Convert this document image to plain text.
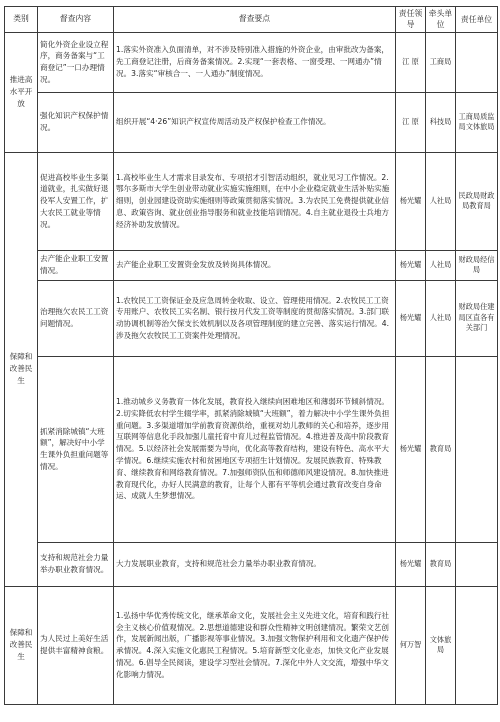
类别	督查内容	督查要点	责任领导	牵头单位	责任单位
推进高水平开放	简化外资企业设立程序，商务备案与“工商登记”一口办理情况。	1.落实外资准入负面清单，对不涉及特别准入措施的外资企业，由审批改为备案，先工商登记注册，后商务备案情况。2.实现“一套表格、一窗受理、一网通办”情况。3.落实“审核合一、一人通办”制度情况。	江 原	工商局	
	强化知识产权保护情况。	组织开展“4·26”知识产权宣传周活动及产权保护检查工作情况。	江 原	科技局	工商局质监局文体旅局
保障和改善民生	促进高校毕业生多渠道就业，扎实做好退役军人安置工作，扩大农民工就业等情况。	1.高校毕业生人才需求目录发布、专项招才引智活动组织，就业见习工作情况。2.鄂尔多斯市大学生创业带动就业实施实施细则，在中小企业稳定就业生活补贴实施细则，创业园建设资助实施细则等政策贯彻落实情况。3.为农民工免费提供就业信息、政策咨询、就业创业指导服务和就业技能培训情况。4.自主就业退役士兵地方经济补助发放情况。	杨光耀	人社局	民政局财政局教育局
	去产能企业职工安置情况。	去产能企业职工安置资金发放及转岗具体情况。	杨光耀	人社局	财政局经信局
	治理拖欠农民工工资问题情况。	1.农牧民工工资保证金及应急周转金收取、设立、管理使用情况。2.农牧民工工资专用账户、农牧民工实名制、银行按月代发工资等制度的贯彻落实情况。3.部门联动协调机制等治欠保支长效机制以及各项管理制度的建立完善、落实运行情况。4.涉及拖欠农牧民工工资案件处理情况。	杨光耀	人社局	财政局住建局区直各有关部门
	抓紧消除城镇“大班额”，解决好中小学生课外负担重问题等情况。	1.推动城乡义务教育一体化发展，教育投入继续向困难地区和薄弱环节倾斜情况。2.切实降低农村学生辍学率，抓紧消除城镇“大班额”，着力解决中小学生课外负担重问题。3.多渠道增加学前教育资源供给，重视对幼儿教师的关心和培养，逐步用互联网等信息化手段加强儿童托育中育儿过程监管情况。4.推进普及高中阶段教育情况。5.以经济社会发展需要为导向，优化高等教育结构，建设有特色、高水平大学情况。6.继续实施农村和贫困地区专项招生计划情况。发展民族教育、特殊教育、继续教育和网络教育情况。7.加强师资队伍和师德师风建设情况。8.加快推进教育现代化，办好人民满意的教育，让每个人都有平等机会通过教育改变自身命运、成就人生梦想情况。	杨光耀	教育局	
	支持和规范社会力量举办职业教育情况。	大力发展职业教育，支持和规范社会力量举办职业教育情况。	杨光耀	教育局	
保障和改善民生	为人民过上美好生活提供丰富精神食粮。	1.弘扬中华优秀传统文化，继承革命文化，发展社会主义先进文化，培育和践行社会主义核心价值观情况。2.思想道德建设和群众性精神文明创建情况。繁荣文艺创作，发展新闻出版，广播影视等事业情况。3.加强文物保护利用和文化遗产保护传承情况。4.深入实施文化惠民工程情况。5.培育新型文化业态，加快文化产业发展情况。6.倡导全民阅读，建设学习型社会情况。7.深化中外人文交流，增强中华文化影响力情况。	何万智	文体旅局	
